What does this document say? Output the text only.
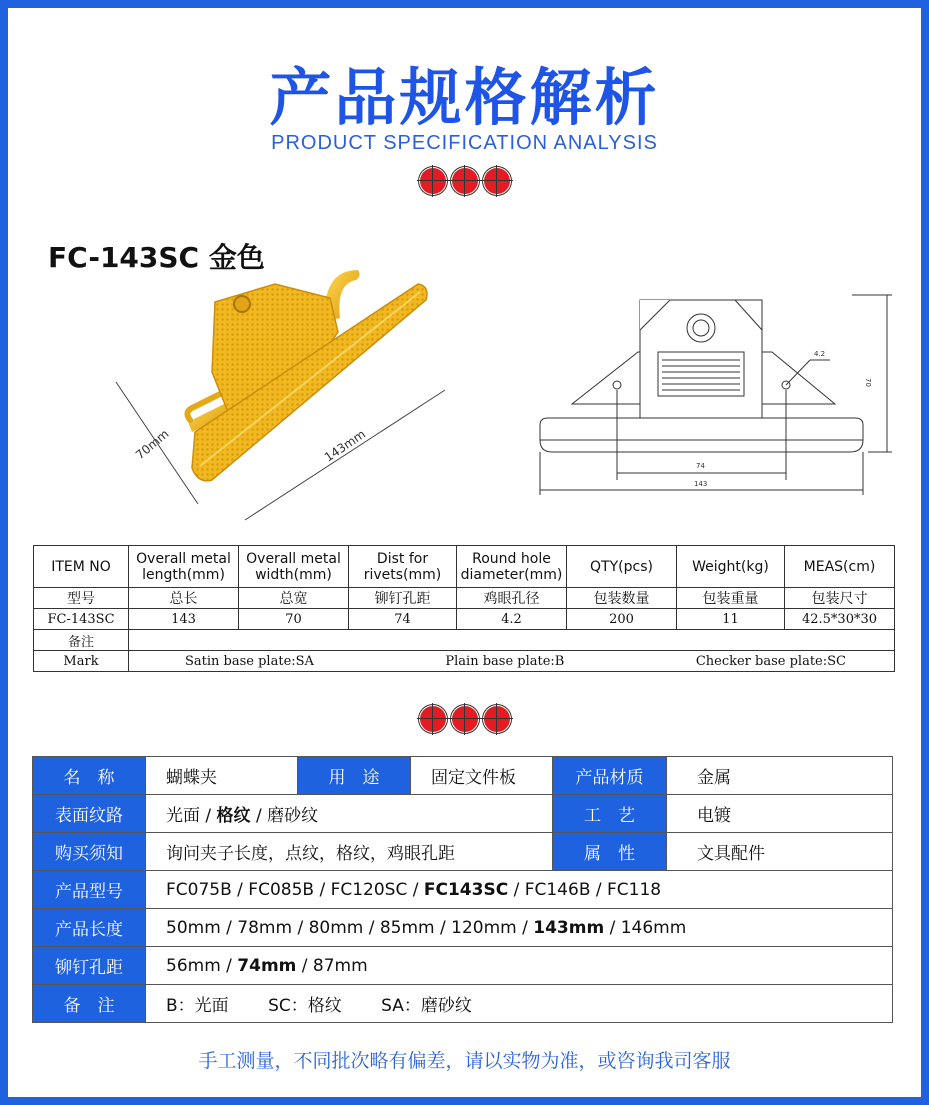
产品规格解析
PRODUCT SPECIFICATION ANALYSIS
FC-143SC 金色
70mm	143mm
4.2
70
74
143
ITEM NO	Overall metal length(mm)	Overall metal width(mm)	Dist for rivets(mm)	Round hole diameter(mm)	QTY(pcs)	Weight(kg)	MEAS(cm)
型号	总长	总宽	铆钉孔距	鸡眼孔径	包装数量	包装重量	包装尺寸
FC-143SC	143	70	74	4.2	200	11	42.5*30*30
备注							
Mark	Satin base plate:SA Plain base plate:B Checker base plate:SC						
名　称	蝴蝶夹	用　途	固定文件板	产品材质	金属
表面纹路	光面 / 格纹 / 磨砂纹			工　艺	电镀
购买须知	询问夹子长度，点纹，格纹，鸡眼孔距			属　性	文具配件
产品型号	FC075B / FC085B / FC120SC / FC143SC / FC146B / FC118				
产品长度	50mm / 78mm / 80mm / 85mm / 120mm / 143mm / 146mm				
铆钉孔距	56mm / 74mm / 87mm				
备　注	B：光面　　 SC：格纹　　 SA：磨砂纹				
手工测量，不同批次略有偏差，请以实物为准，或咨询我司客服
